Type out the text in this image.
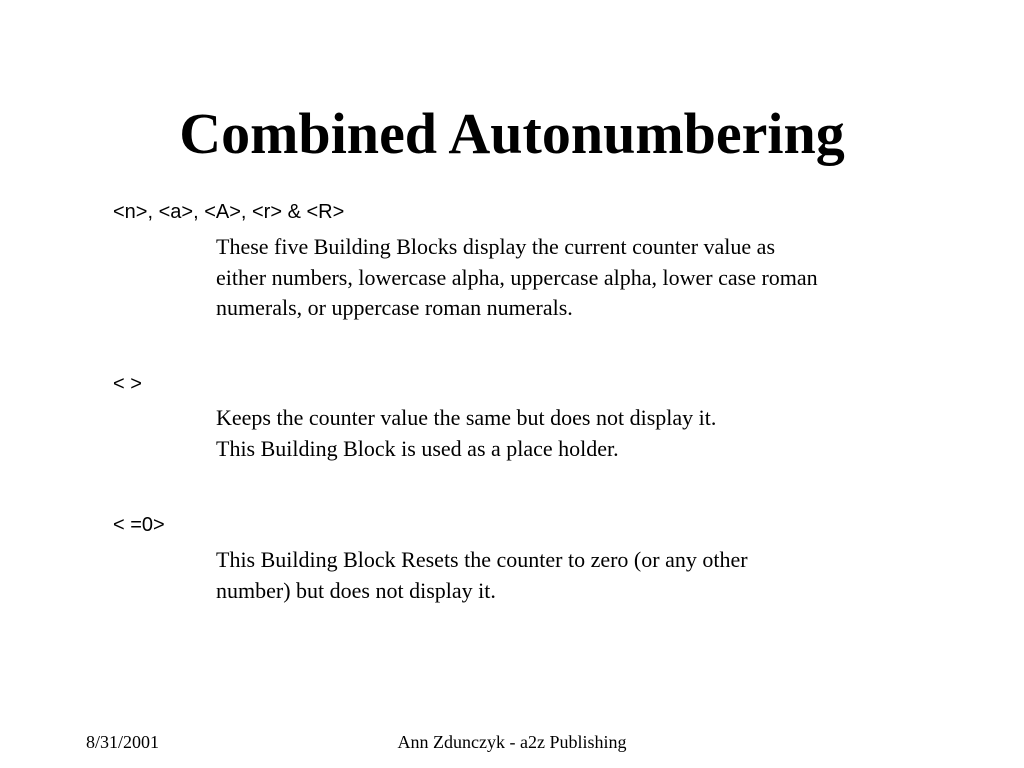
Combined Autonumbering
<n>, <a>, <A>, <r> & <R>
These five Building Blocks display the current counter value as
either numbers, lowercase alpha, uppercase alpha, lower case roman
numerals, or uppercase roman numerals.
< >
Keeps the counter value the same but does not display it.
This Building Block is used as a place holder.
< =0>
This Building Block Resets the counter to zero (or any other
number) but does not display it.
Ann Zdunczyk - a2z Publishing
8/31/2001
